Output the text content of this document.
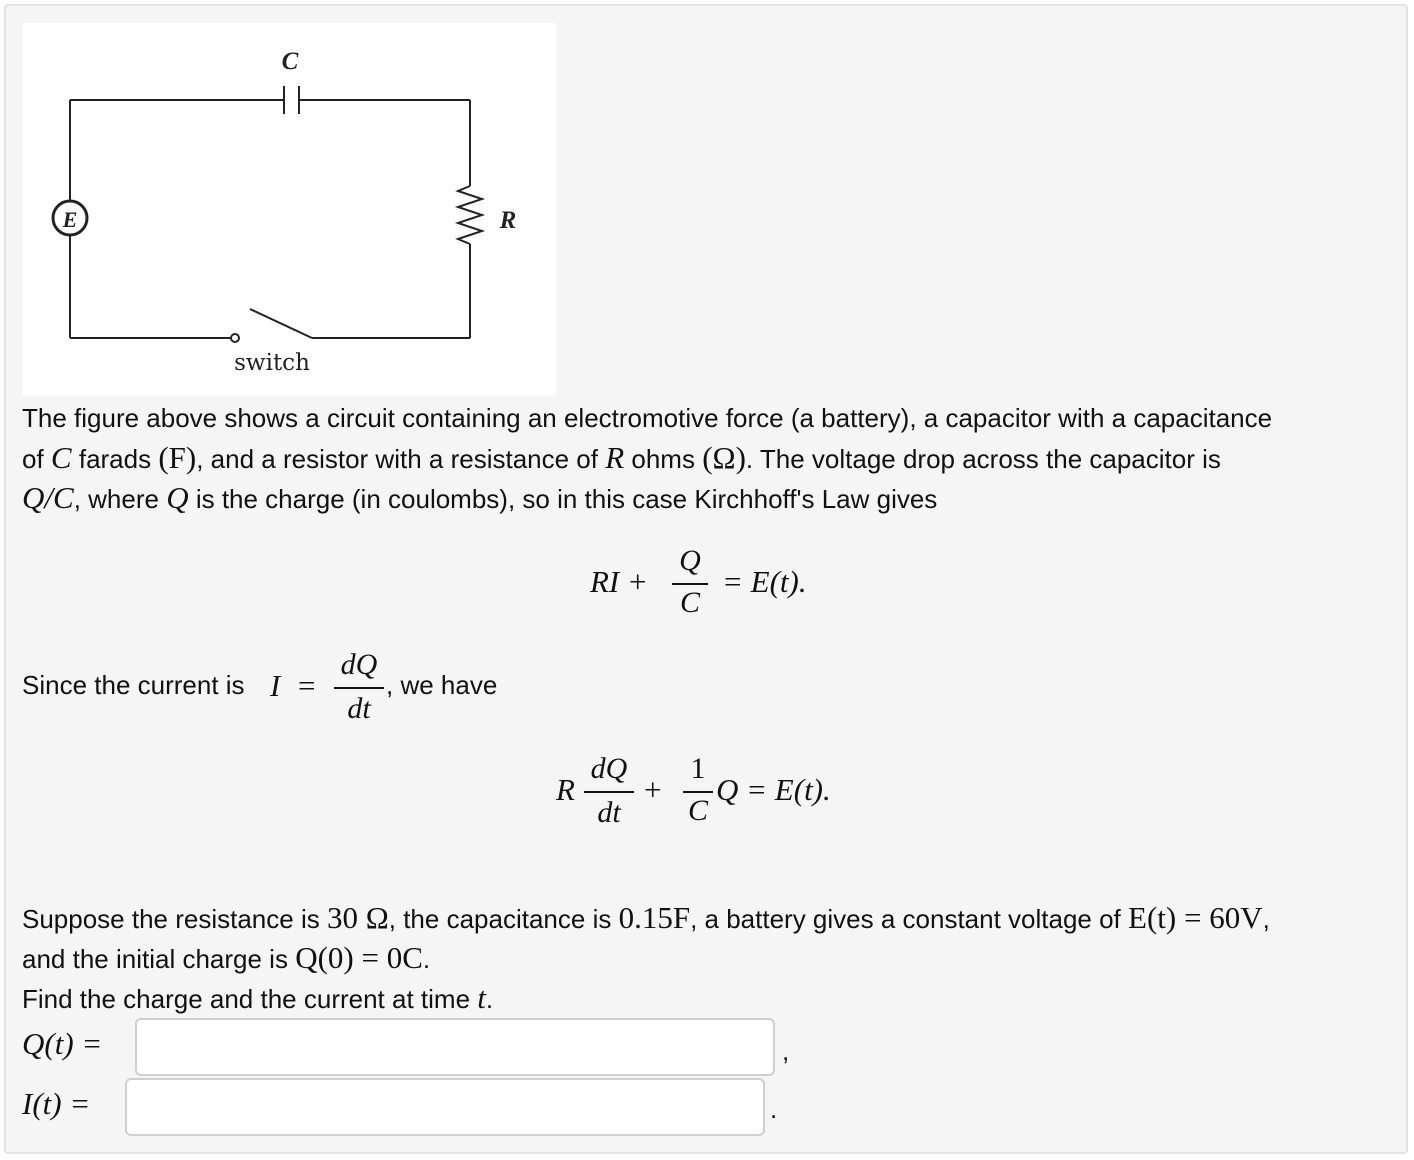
C
E	R
switch

The figure above shows a circuit containing an electromotive force (a battery), a capacitor with a capacitance

of C farads (F), and a resistor with a resistance of R ohms (Ω). The voltage drop across the capacitor is

Q/C, where Q is the charge (in coulombs), so in this case Kirchhoff's Law gives

RI +
Q
C
= E(t).
Since the current is I =
dQ
dt
, we have
R
dQ
dt
+
1
C
Q = E(t).

Suppose the resistance is 30 Ω, the capacitance is 0.15F, a battery gives a constant voltage of E(t) = 60V,

and the initial charge is Q(0) = 0C.

Find the charge and the current at time t.

Q(t) =	,
I(t) =	.
